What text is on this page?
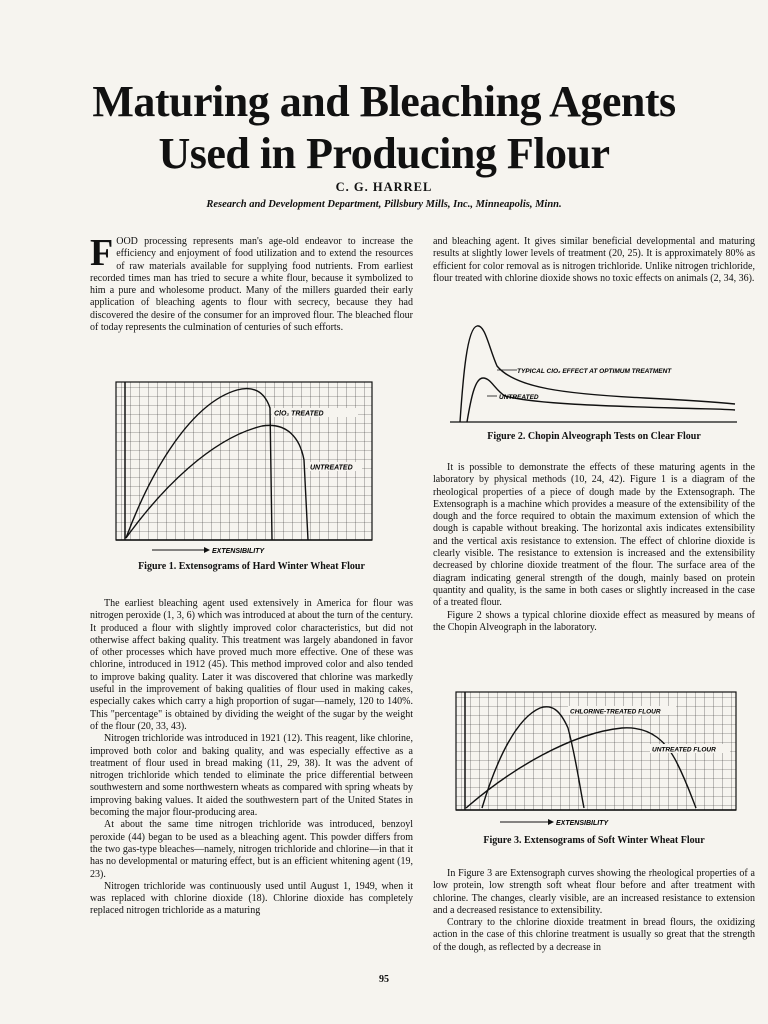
Maturing and Bleaching Agents
Used in Producing Flour
C. G. HARREL
Research and Development Department, Pillsbury Mills, Inc., Minneapolis, Minn.

FOOD processing represents man's age-old endeavor to increase the efficiency and enjoyment of food utilization and to extend the resources of raw materials available for supplying food nutrients. From earliest recorded times man has tried to secure a white flour, because it symbolized to him a pure and wholesome product. Many of the millers guarded their early application of bleaching agents to flour with secrecy, because they had discovered the desire of the consumer for an improved flour. The bleached flour of today represents the culmination of centuries of such efforts.

ClO₂ TREATED
UNTREATED
EXTENSIBILITY
Figure 1. Extensograms of Hard Winter Wheat Flour

The earliest bleaching agent used extensively in America for flour was nitrogen peroxide (1, 3, 6) which was introduced at about the turn of the century. It produced a flour with slightly improved color characteristics, but did not otherwise affect baking quality. This treatment was largely abandoned in favor of other processes which have proved much more effective. One of these was chlorine, introduced in 1912 (45). This method improved color and also tended to improve baking quality. Later it was discovered that chlorine was markedly useful in the improvement of baking qualities of flour used in making cakes, especially cakes which carry a high proportion of sugar—namely, 120 to 140%. This "percentage" is obtained by dividing the weight of the sugar by the weight of the flour (20, 33, 43).

Nitrogen trichloride was introduced in 1921 (12). This reagent, like chlorine, improved both color and baking quality, and was especially effective as a treatment of flour used in bread making (11, 29, 38). It was the advent of nitrogen trichloride which tended to eliminate the price differential between southwestern and some northwestern wheats as compared with spring wheats by improving baking values. It aided the southwestern part of the United States in becoming the major flour-producing area.

At about the same time nitrogen trichloride was introduced, benzoyl peroxide (44) began to be used as a bleaching agent. This powder differs from the two gas-type bleaches—namely, nitrogen trichloride and chlorine—in that it has no developmental or maturing effect, but is an efficient whitening agent (19, 23).

Nitrogen trichloride was continuously used until August 1, 1949, when it was replaced with chlorine dioxide (18). Chlorine dioxide has completely replaced nitrogen trichloride as a maturing

and bleaching agent. It gives similar beneficial developmental and maturing results at slightly lower levels of treatment (20, 25). It is approximately 80% as efficient for color removal as is nitrogen trichloride. Unlike nitrogen trichloride, flour treated with chlorine dioxide shows no toxic effects on animals (2, 34, 36).

TYPICAL ClO₂ EFFECT AT OPTIMUM TREATMENT
UNTREATED
Figure 2. Chopin Alveograph Tests on Clear Flour

It is possible to demonstrate the effects of these maturing agents in the laboratory by physical methods (10, 24, 42). Figure 1 is a diagram of the rheological properties of a piece of dough made by the Extensograph. The Extensograph is a machine which provides a measure of the extensibility of the dough and the force required to obtain the maximum extension of which the dough is capable without breaking. The horizontal axis indicates extensibility and the vertical axis resistance to extension. The effect of chlorine dioxide is clearly visible. The resistance to extension is increased and the extensibility decreased by chlorine dioxide treatment of the flour. The surface area of the diagram indicating general strength of the dough, mainly based on protein quantity and quality, is the same in both cases or slightly increased in the case of a treated flour.

Figure 2 shows a typical chlorine dioxide effect as measured by means of the Chopin Alveograph in the laboratory.

CHLORINE-TREATED FLOUR
UNTREATED FLOUR
EXTENSIBILITY
Figure 3. Extensograms of Soft Winter Wheat Flour

In Figure 3 are Extensograph curves showing the rheological properties of a low protein, low strength soft wheat flour before and after treatment with chlorine. The changes, clearly visible, are an increased resistance to extension and a decreased resistance to extensibility.

Contrary to the chlorine dioxide treatment in bread flours, the oxidizing action in the case of this chlorine treatment is usually so great that the strength of the dough, as reflected by a decrease in

95
